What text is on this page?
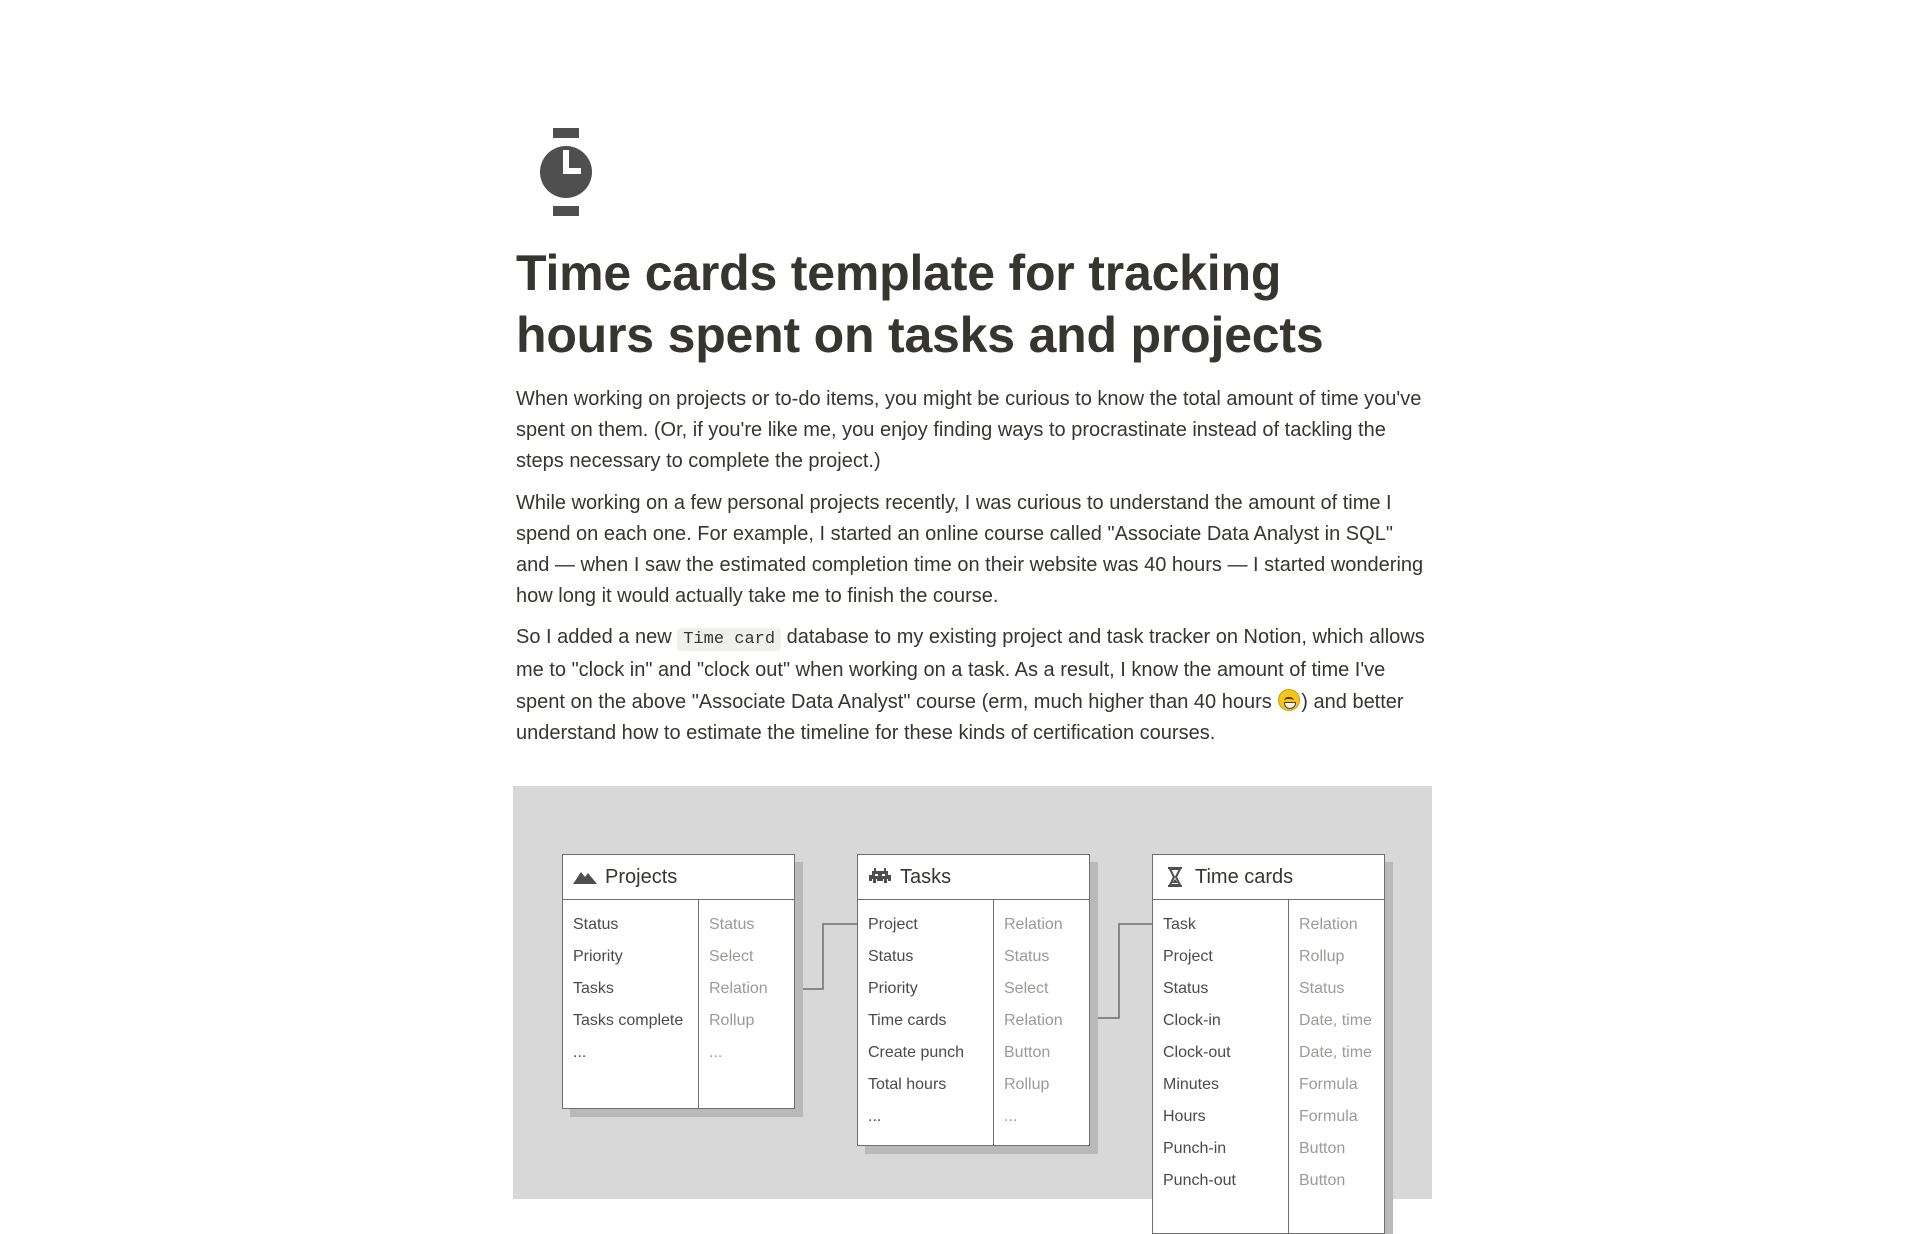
Time cards template for tracking hours spent on tasks and projects

When working on projects or to-do items, you might be curious to know the total amount of time you've spent on them. (Or, if you're like me, you enjoy finding ways to procrastinate instead of tackling the steps necessary to complete the project.)

While working on a few personal projects recently, I was curious to understand the amount of time I spend on each one. For example, I started an online course called "Associate Data Analyst in SQL" and — when I saw the estimated completion time on their website was 40 hours — I started wondering how long it would actually take me to finish the course.

So I added a new Time card database to my existing project and task tracker on Notion, which allows me to "clock in" and "clock out" when working on a task. As a result, I know the amount of time I've spent on the above "Associate Data Analyst" course (erm, much higher than 40 hours ) and better understand how to estimate the timeline for these kinds of certification courses.

Projects
Status
Priority
Tasks
Tasks complete
...
Status
Select
Relation
Rollup
...
Tasks
Project
Status
Priority
Time cards
Create punch
Total hours
...
Relation
Status
Select
Relation
Button
Rollup
...
Time cards
Task
Project
Status
Clock-in
Clock-out
Minutes
Hours
Punch-in
Punch-out
Relation
Rollup
Status
Date, time
Date, time
Formula
Formula
Button
Button
